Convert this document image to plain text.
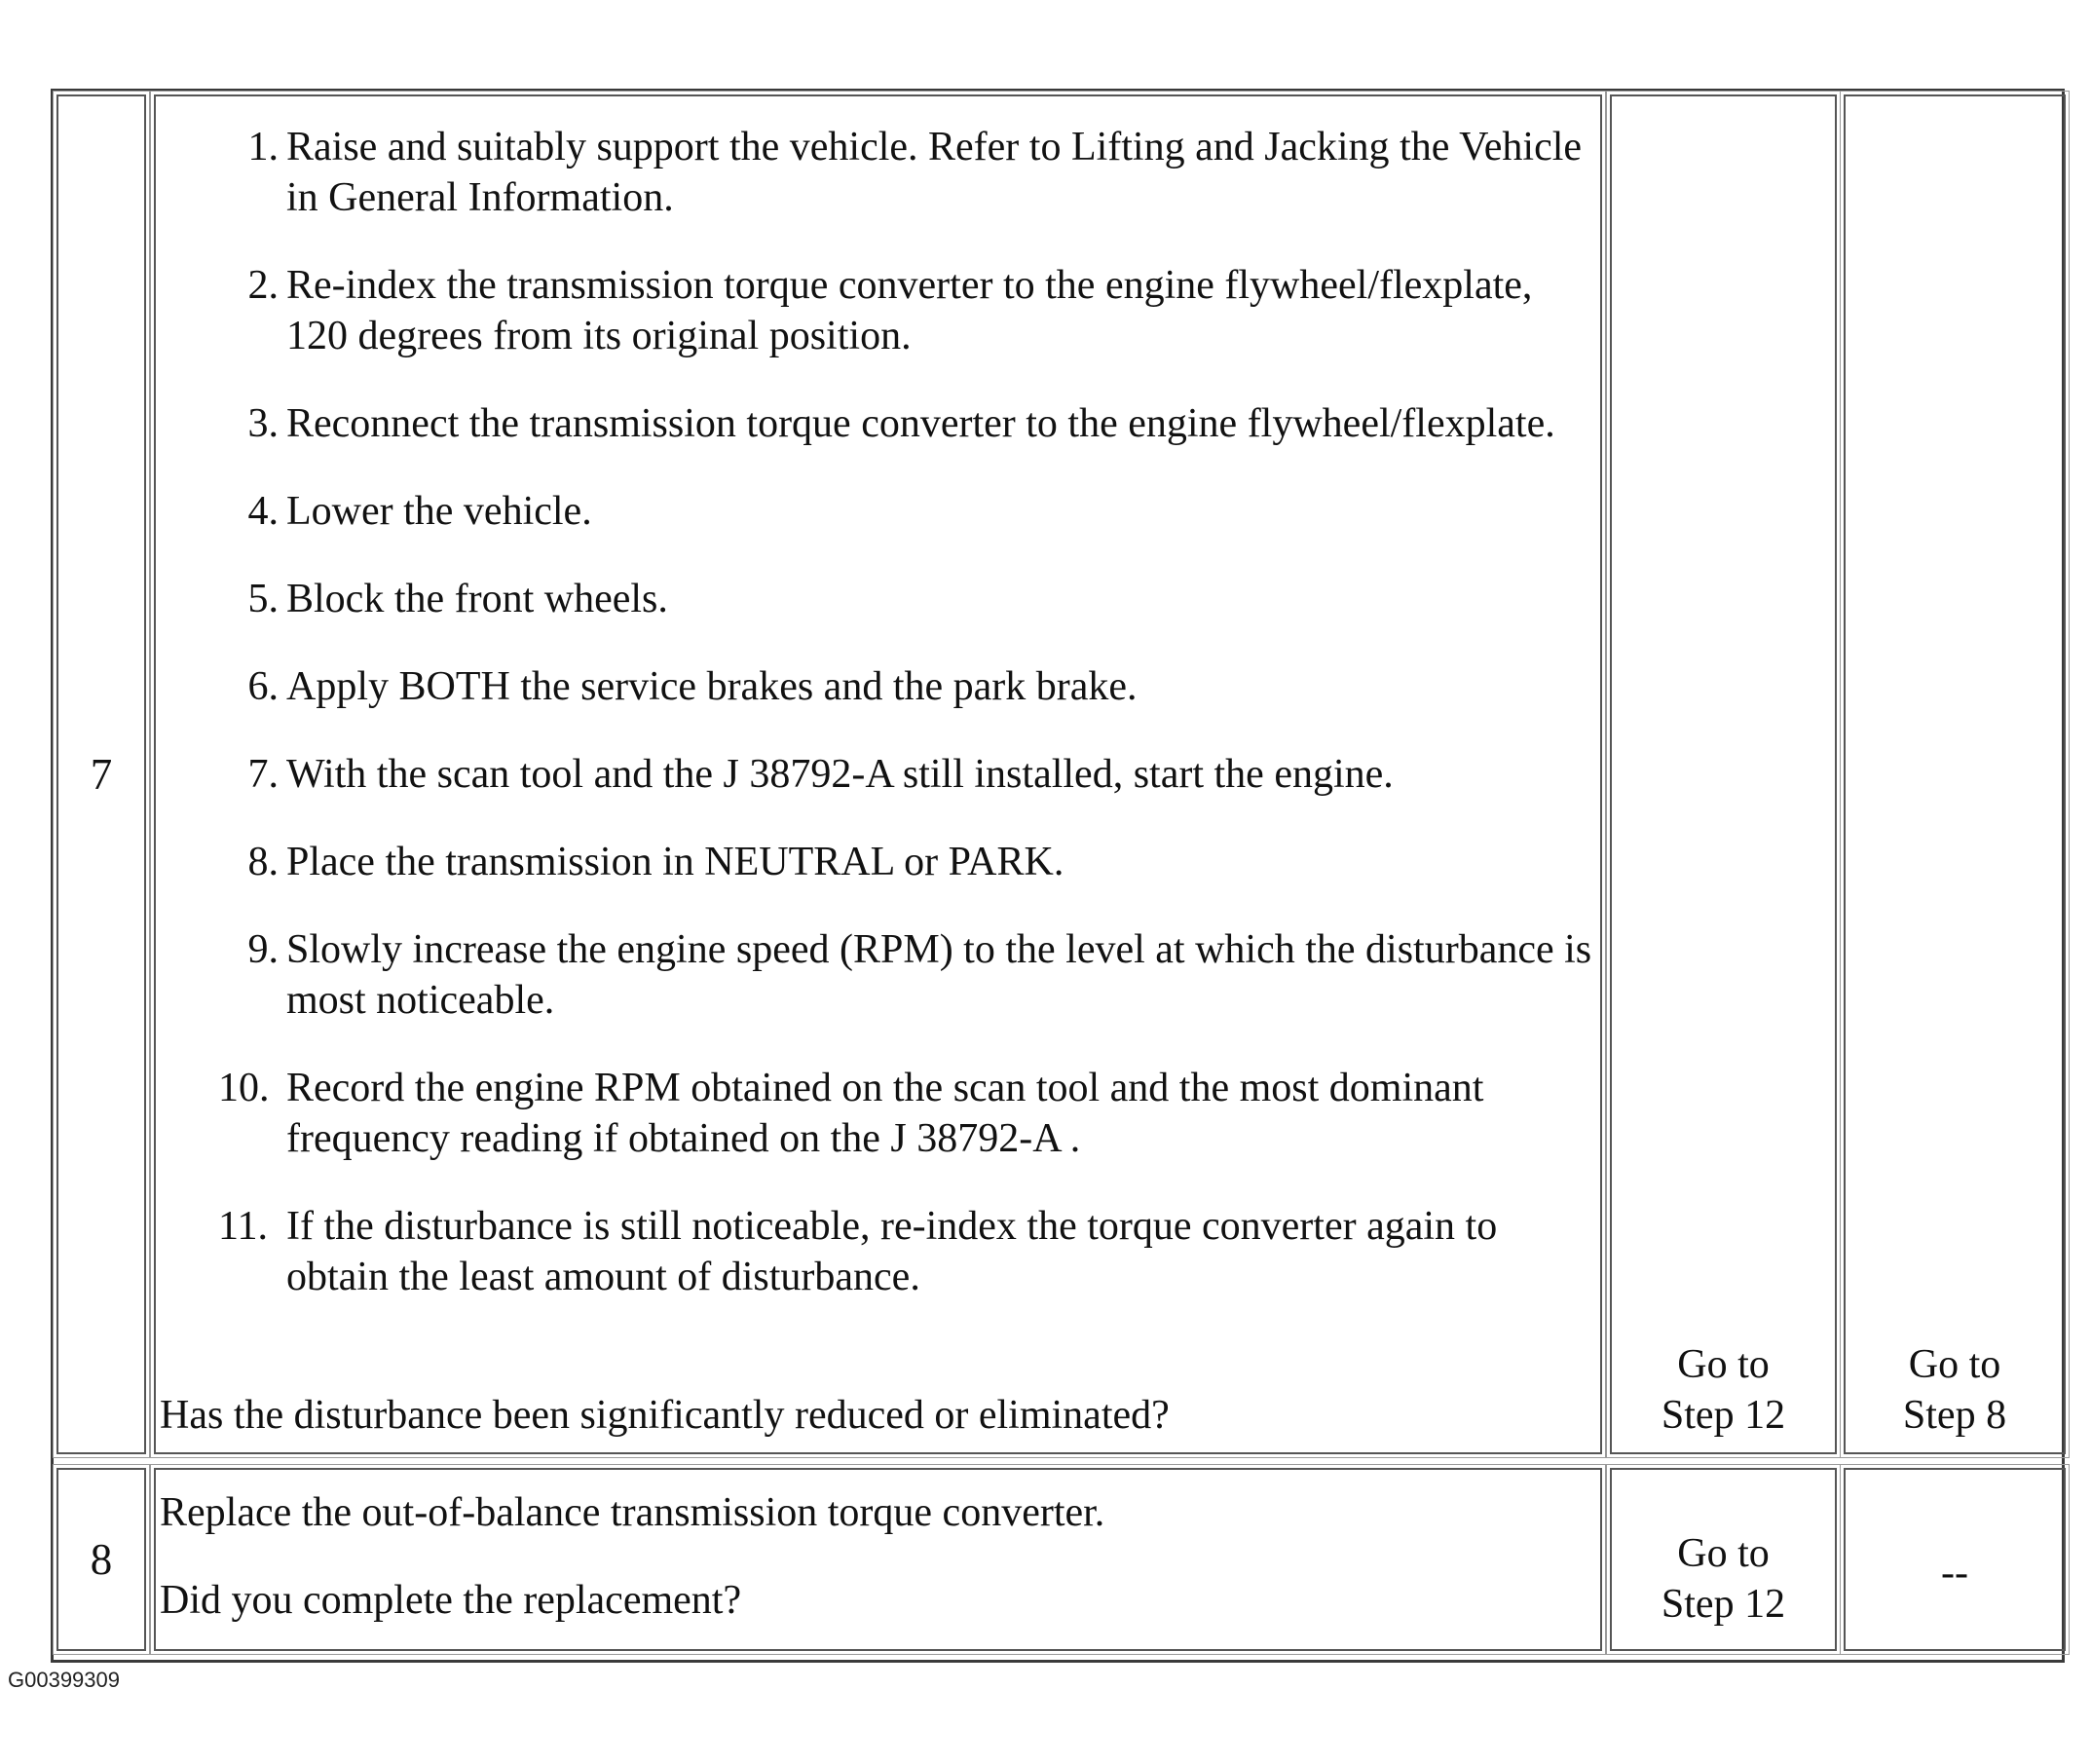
7
1. Raise and suitably support the vehicle. Refer to Lifting and Jacking the Vehicle in General Information.
2. Re-index the transmission torque converter to the engine flywheel/flexplate, 120 degrees from its original position.
3. Reconnect the transmission torque converter to the engine flywheel/flexplate.
4. Lower the vehicle.
5. Block the front wheels.
6. Apply BOTH the service brakes and the park brake.
7. With the scan tool and the J 38792-A still installed, start the engine.
8. Place the transmission in NEUTRAL or PARK.
9. Slowly increase the engine speed (RPM) to the level at which the disturbance is most noticeable.
10. Record the engine RPM obtained on the scan tool and the most dominant frequency reading if obtained on the J 38792-A .
11. If the disturbance is still noticeable, re-index the torque converter again to obtain the least amount of disturbance.
Has the disturbance been significantly reduced or eliminated?
Go to
Step 12
Go to
Step 8
8
Replace the out-of-balance transmission torque converter.
Did you complete the replacement?
Go to
Step 12
--
G00399309
